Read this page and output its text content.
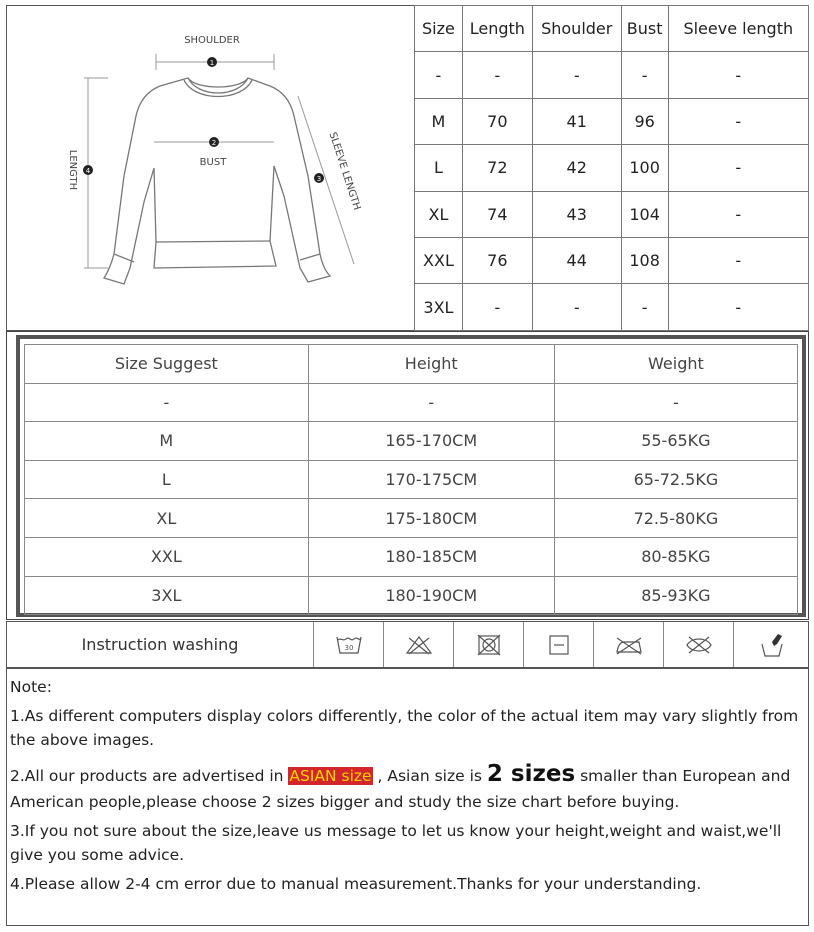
1
2
3
4
SHOULDER
BUST
LENGTH	SLEEVE LENGTH
Size	Length	Shoulder	Bust	Sleeve length
-	-	-	-	-
M	70	41	96	-
L	72	42	100	-
XL	74	43	104	-
XXL	76	44	108	-
3XL	-	-	-	-
Size Suggest	Height	Weight
-	-	-
M	165-170CM	55-65KG
L	170-175CM	65-72.5KG
XL	175-180CM	72.5-80KG
XXL	180-185CM	80-85KG
3XL	180-190CM	85-93KG
Instruction washing	30

Note:

1.As different computers display colors differently, the color of the actual item may vary slightly from the above images.

2.All our products are advertised in ASIAN size , Asian size is 2 sizes smaller than European and

American people,please choose 2 sizes bigger and study the size chart before buying.

3.If you not sure about the size,leave us message to let us know your height,weight and waist,we'll give you some advice.

4.Please allow 2-4 cm error due to manual measurement.Thanks for your understanding.
